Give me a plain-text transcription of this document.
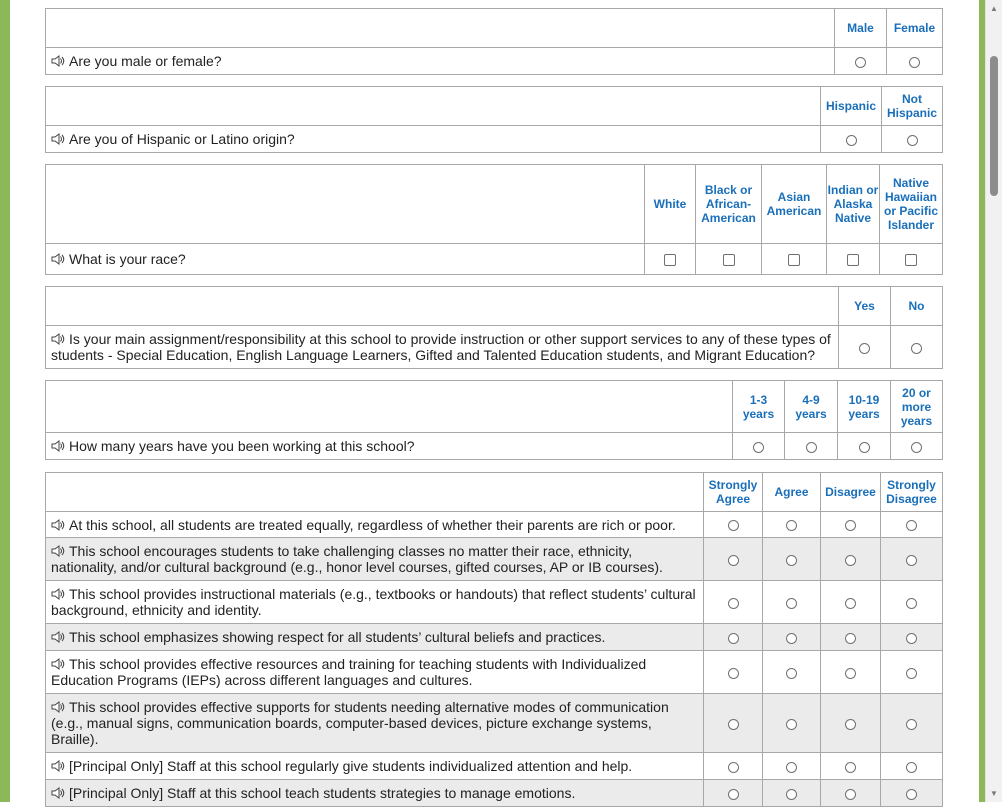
▲
▼
	Male	Female
Are you male or female?		
	Hispanic	Not Hispanic
Are you of Hispanic or Latino origin?		
	White	Black or African-American	Asian American	Indian or Alaska Native	Native Hawaiian or Pacific Islander
What is your race?					
	Yes	No
Is your main assignment/responsibility at this school to provide instruction or other support services to any of these types of students - Special Education, English Language Learners, Gifted and Talented Education students, and Migrant Education?		
	1-3 years	4-9 years	10-19 years	20 or more years
How many years have you been working at this school?				
	Strongly Agree	Agree	Disagree	Strongly Disagree
At this school, all students are treated equally, regardless of whether their parents are rich or poor.				
This school encourages students to take challenging classes no matter their race, ethnicity, nationality, and/or cultural background (e.g., honor level courses, gifted courses, AP or IB courses).				
This school provides instructional materials (e.g., textbooks or handouts) that reflect students’ cultural background, ethnicity and identity.				
This school emphasizes showing respect for all students’ cultural beliefs and practices.				
This school provides effective resources and training for teaching students with Individualized Education Programs (IEPs) across different languages and cultures.				
This school provides effective supports for students needing alternative modes of communication (e.g., manual signs, communication boards, computer-based devices, picture exchange systems, Braille).				
[Principal Only] Staff at this school regularly give students individualized attention and help.				
[Principal Only] Staff at this school teach students strategies to manage emotions.				
